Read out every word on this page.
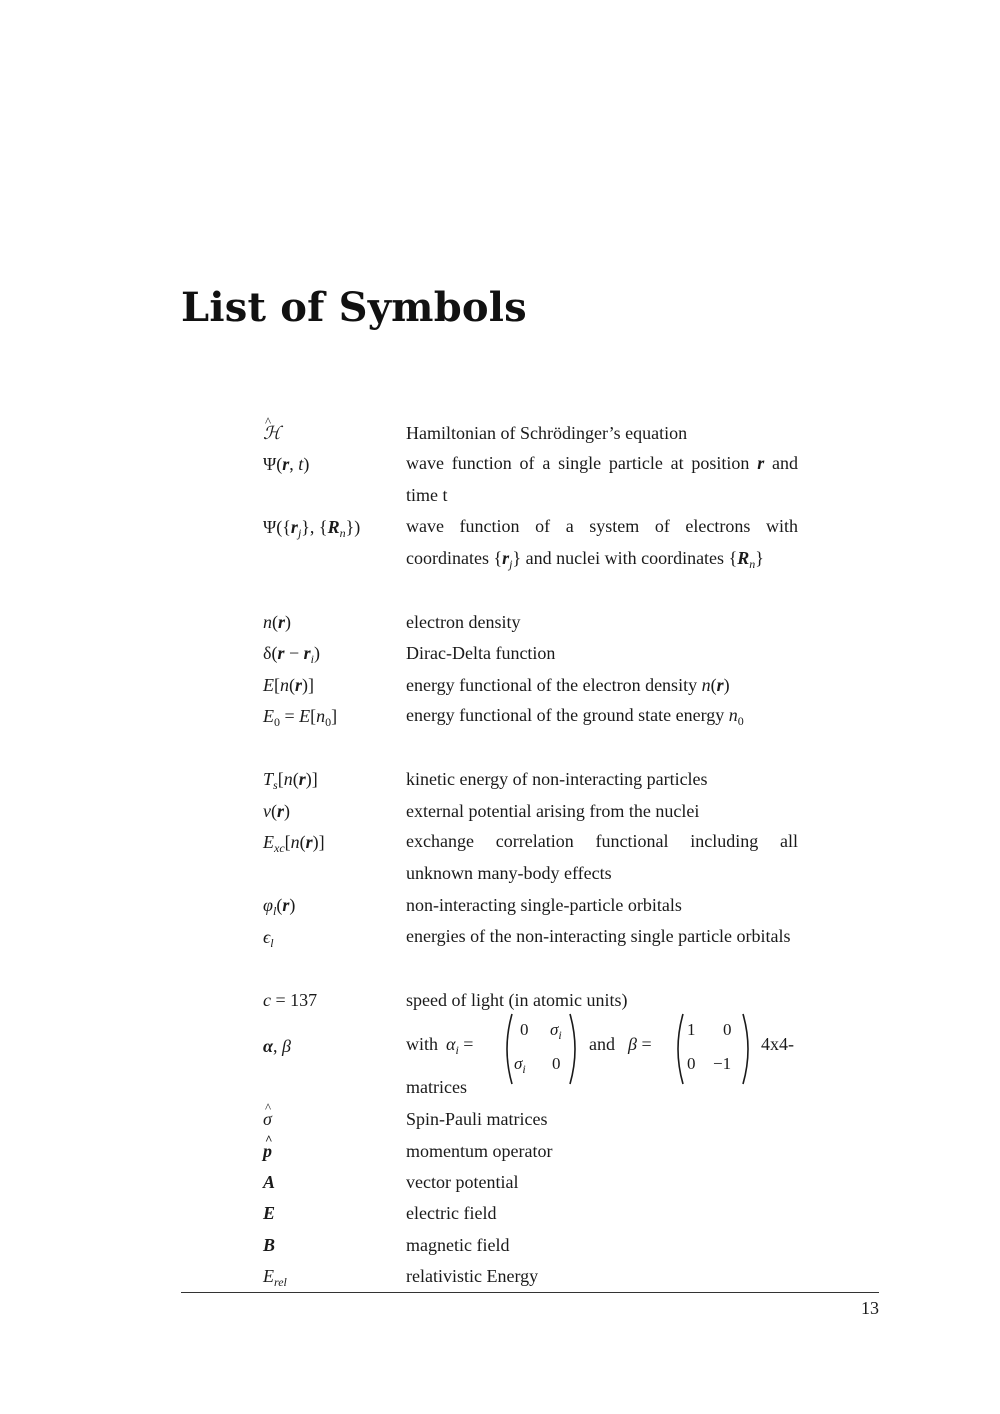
List of Symbols
ℋ ^	Hamiltonian of Schrödinger’s equation
Ψ(r, t)	wave function of a single particle at position r and time t
$\Psi(\{r_j\}$, $\{R_n\}$)	wave function of a system of electrons with coordinates $\{r_j\}$ and nuclei with coordinates $\{R_n\}$
n(r)	electron density
$\delta(r - r_i)$	Dirac-Delta function
E[n(r)]	energy functional of the electron density n(r)
$E_0 = E[n_0]$	energy functional of the ground state energy $n_0$
$T_s[n(r)]$	kinetic energy of non-interacting particles
v(r)	external potential arising from the nuclei
$E_{xc}[n(r)]$	exchange correlation functional including all unknown many-body effects
$\varphi_l(r)$	non-interacting single-particle orbitals
$\epsilon_l$	energies of the non-interacting single particle orbitals
c = 137	speed of light (in atomic units)
α, β	with $\alpha_i$ =
0 $\sigma_i$
$\sigma_i$ 0
and β =
1 0
0 −1
4x4-
matrices
σ ^	Spin-Pauli matrices
p ^	momentum operator
A	vector potential
E	electric field
B	magnetic field
$E_{rel}$	relativistic Energy
13
